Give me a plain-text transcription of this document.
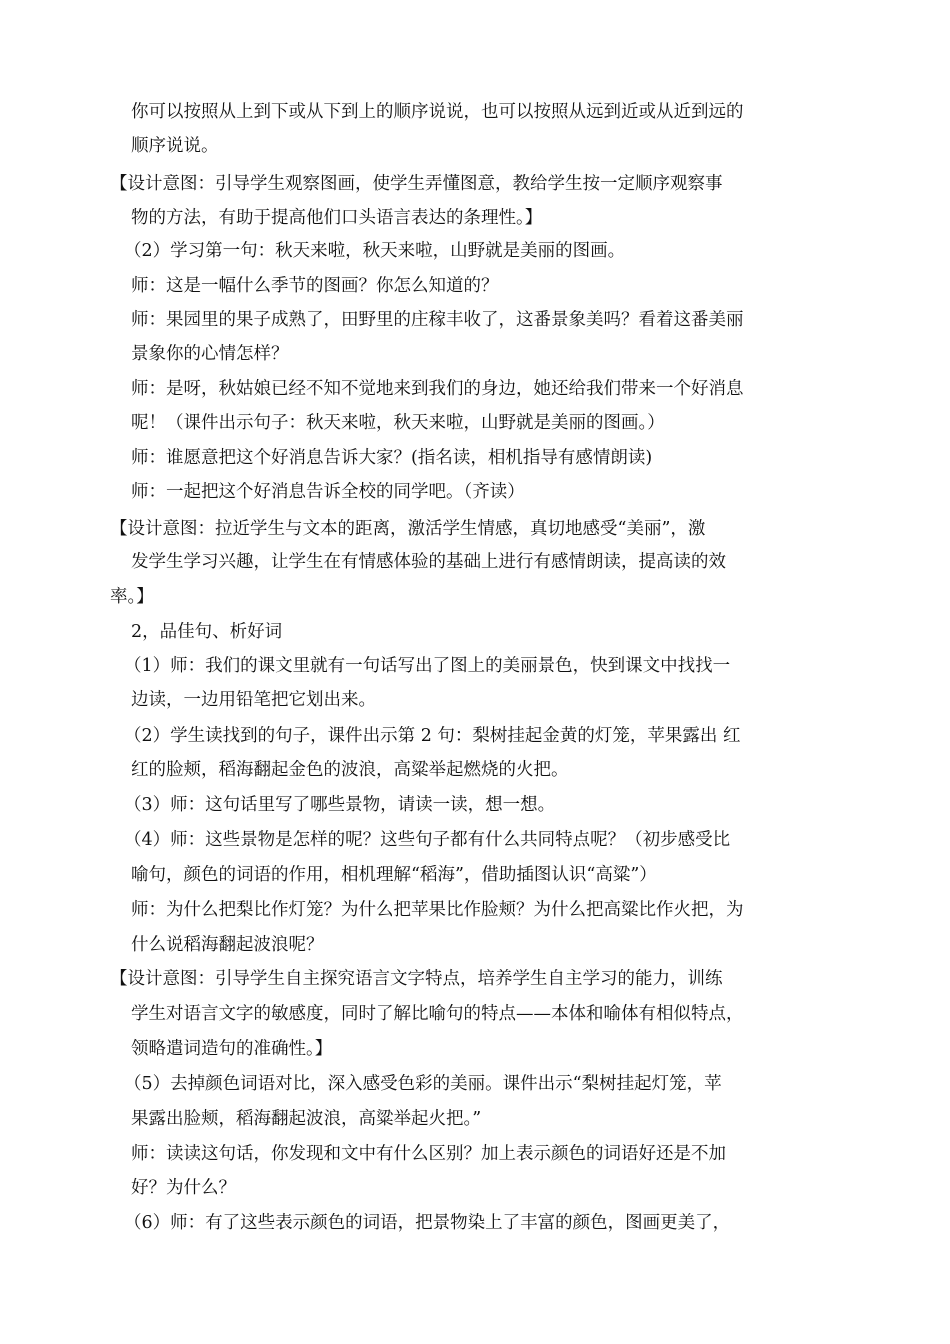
你可以按照从上到下或从下到上的顺序说说，也可以按照从远到近或从近到远的
顺序说说。
【设计意图：引导学生观察图画，使学生弄懂图意，教给学生按一定顺序观察事
物的方法，有助于提高他们口头语言表达的条理性。】
（2）学习第一句：秋天来啦，秋天来啦，山野就是美丽的图画。
师：这是一幅什么季节的图画？你怎么知道的？
师：果园里的果子成熟了，田野里的庄稼丰收了，这番景象美吗？看着这番美丽
景象你的心情怎样？
师：是呀，秋姑娘已经不知不觉地来到我们的身边，她还给我们带来一个好消息
呢！（课件出示句子：秋天来啦，秋天来啦，山野就是美丽的图画。）
师：谁愿意把这个好消息告诉大家？(指名读，相机指导有感情朗读)
师：一起把这个好消息告诉全校的同学吧。（齐读）
【设计意图：拉近学生与文本的距离，激活学生情感，真切地感受“美丽”，激
发学生学习兴趣，让学生在有情感体验的基础上进行有感情朗读，提高读的效
率。】
2，品佳句、析好词
（1）师：我们的课文里就有一句话写出了图上的美丽景色，快到课文中找找一
边读，一边用铅笔把它划出来。
（2）学生读找到的句子，课件出示第 2 句：梨树挂起金黄的灯笼，苹果露出 红
红的脸颊，稻海翻起金色的波浪，高粱举起燃烧的火把。
（3）师：这句话里写了哪些景物，请读一读，想一想。
（4）师：这些景物是怎样的呢？这些句子都有什么共同特点呢？（初步感受比
喻句，颜色的词语的作用，相机理解“稻海”，借助插图认识“高粱”）
师：为什么把梨比作灯笼？为什么把苹果比作脸颊？为什么把高粱比作火把，为
什么说稻海翻起波浪呢？
【设计意图：引导学生自主探究语言文字特点，培养学生自主学习的能力，训练
学生对语言文字的敏感度，同时了解比喻句的特点——本体和喻体有相似特点，
领略遣词造句的准确性。】
（5）去掉颜色词语对比，深入感受色彩的美丽。课件出示“梨树挂起灯笼，苹
果露出脸颊，稻海翻起波浪，高粱举起火把。”
师：读读这句话，你发现和文中有什么区别？加上表示颜色的词语好还是不加
好？为什么？
（6）师：有了这些表示颜色的词语，把景物染上了丰富的颜色，图画更美了，
